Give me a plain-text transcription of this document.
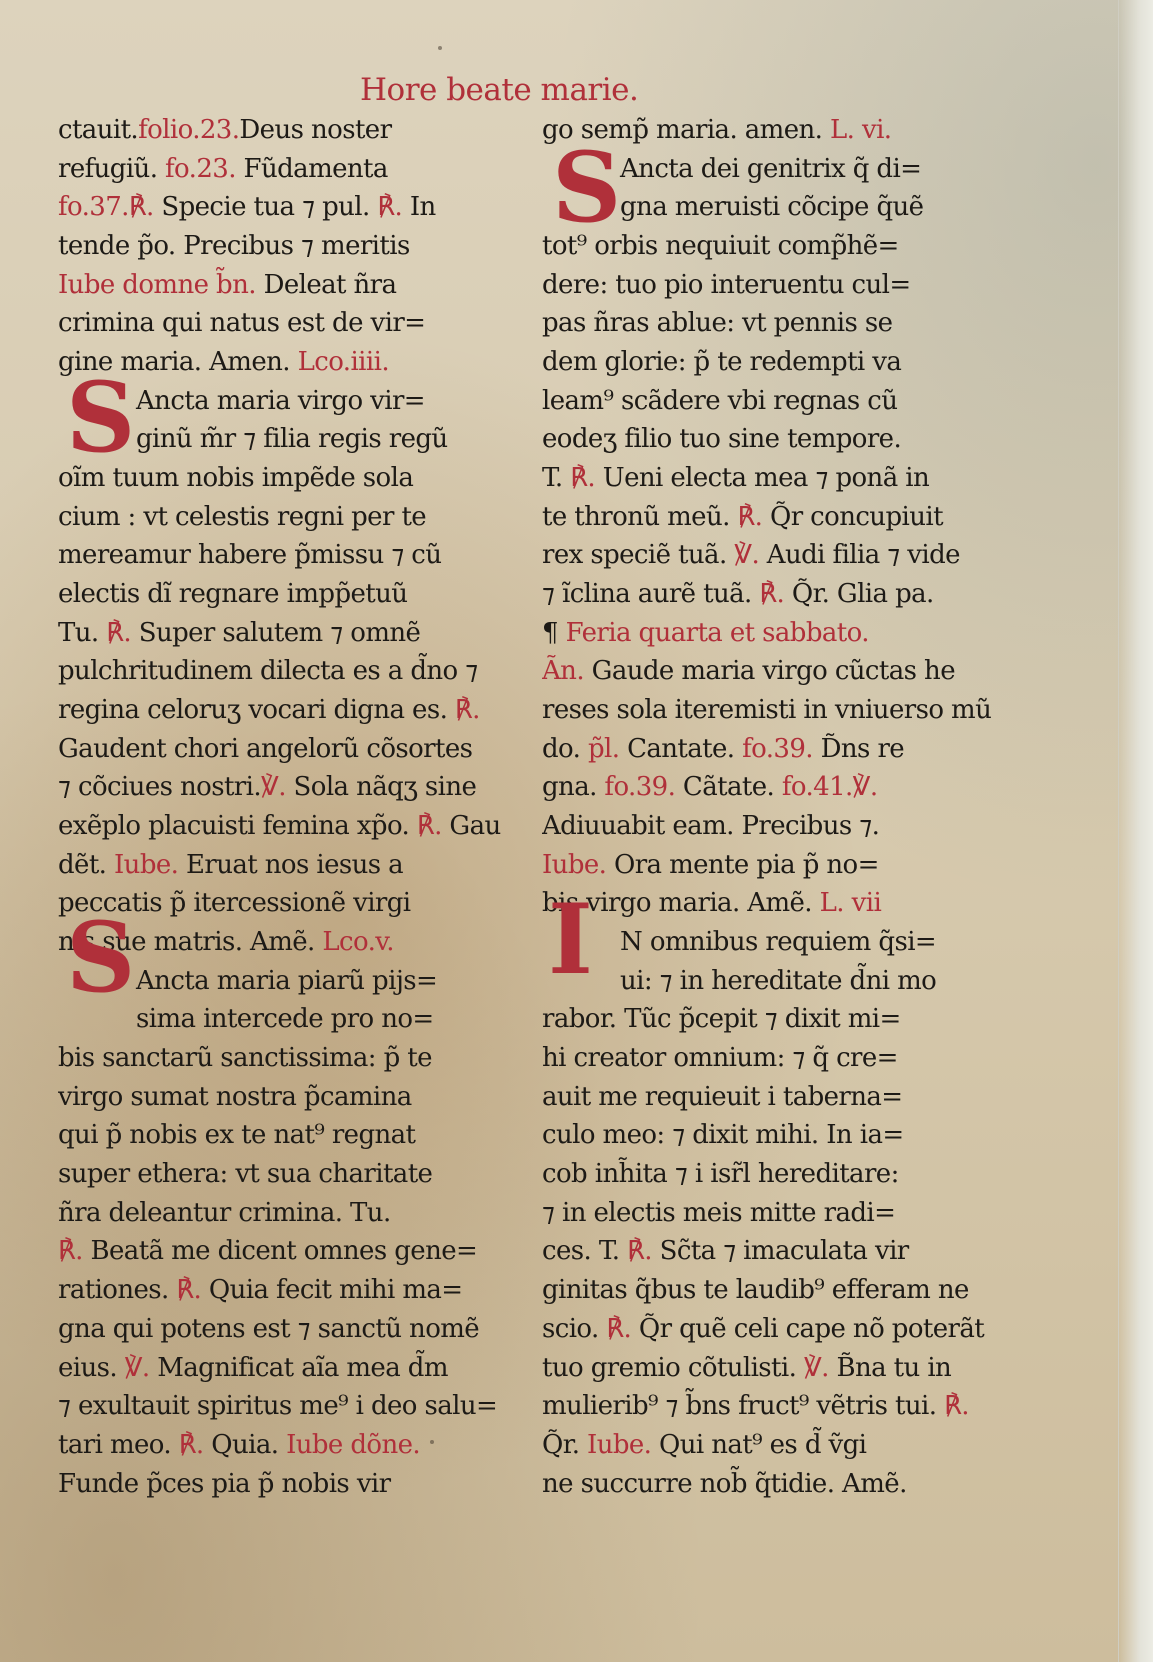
Hore beate marie.
ctauit.folio.23.Deus noster
refugiũ. fo.23. Fũdamenta
fo.37.℟. Specie tua ⁊ pul. ℟. In
tende p̃o. Precibus ⁊ meritis
Iube domne b̃n. Deleat ñra
crimina qui natus est de vir=
gine maria. Amen. Lco.iiii.
Ancta maria virgo vir=
ginũ m̃r ⁊ filia regis regũ
oĩm tuum nobis impẽde sola
cium : vt celestis regni per te
mereamur habere p̃missu ⁊ cũ
electis dĩ regnare impp̃etuũ
Tu. ℟. Super salutem ⁊ omnẽ
pulchritudinem dilecta es a d̃no ⁊
regina celoruʒ vocari digna es. ℟.
Gaudent chori angelorũ cõsortes
⁊ cõciues nostri.℣. Sola nãqʒ sine
exẽplo placuisti femina xp̃o. ℟. Gau
dẽt. Iube. Eruat nos iesus a
peccatis p̃ itercessionẽ virgi
nis sue matris. Amẽ. Lco.v.
Ancta maria piarũ pijs=
sima intercede pro no=
bis sanctarũ sanctissima: p̃ te
virgo sumat nostra p̃camina
qui p̃ nobis ex te nat⁹ regnat
super ethera: vt sua charitate
ñra deleantur crimina. Tu.
℟. Beatã me dicent omnes gene=
rationes. ℟. Quia fecit mihi ma=
gna qui potens est ⁊ sanctũ nomẽ
eius. ℣. Magnificat aĩa mea d̃m
⁊ exultauit spiritus me⁹ i deo salu=
tari meo. ℟. Quia. Iube dõne.
Funde p̃ces pia p̃ nobis vir
go semp̃ maria. amen. L. vi.
Ancta dei genitrix q̃ di=
gna meruisti cõcipe q̃uẽ
tot⁹ orbis nequiuit comp̃hẽ=
dere: tuo pio interuentu cul=
pas ñras ablue: vt pennis se
dem glorie: p̃ te redempti va
leam⁹ scãdere vbi regnas cũ
eodeʒ filio tuo sine tempore.
T. ℟. Ueni electa mea ⁊ ponã in
te thronũ meũ. ℟. Q̃r concupiuit
rex speciẽ tuã. ℣. Audi filia ⁊ vide
⁊ ĩclina aurẽ tuã. ℟. Q̃r. Glia pa.
¶ Feria quarta et sabbato.
Ãn. Gaude maria virgo cũctas he
reses sola iteremisti in vniuerso mũ
do. p̃l. Cantate. fo.39. D̃ns re
gna. fo.39. Cãtate. fo.41.℣.
Adiuuabit eam. Precibus ⁊.
Iube. Ora mente pia p̃ no=
bis virgo maria. Amẽ. L. vii
N omnibus requiem q̃si=
ui: ⁊ in hereditate d̃ni mo
rabor. Tũc p̃cepit ⁊ dixit mi=
hi creator omnium: ⁊ q̃ cre=
auit me requieuit i taberna=
culo meo: ⁊ dixit mihi. In ia=
cob inh̃ita ⁊ i isr̃l hereditare:
⁊ in electis meis mitte radi=
ces. T. ℟. Sc̃ta ⁊ imaculata vir
ginitas q̃bus te laudib⁹ efferam ne
scio. ℟. Q̃r quẽ celi cape nõ poterãt
tuo gremio cõtulisti. ℣. B̃na tu in
mulierib⁹ ⁊ b̃ns fruct⁹ vẽtris tui. ℟.
Q̃r. Iube. Qui nat⁹ es d̃ ṽgi
ne succurre nob̃ q̃tidie. Amẽ.
S
S
S	I
